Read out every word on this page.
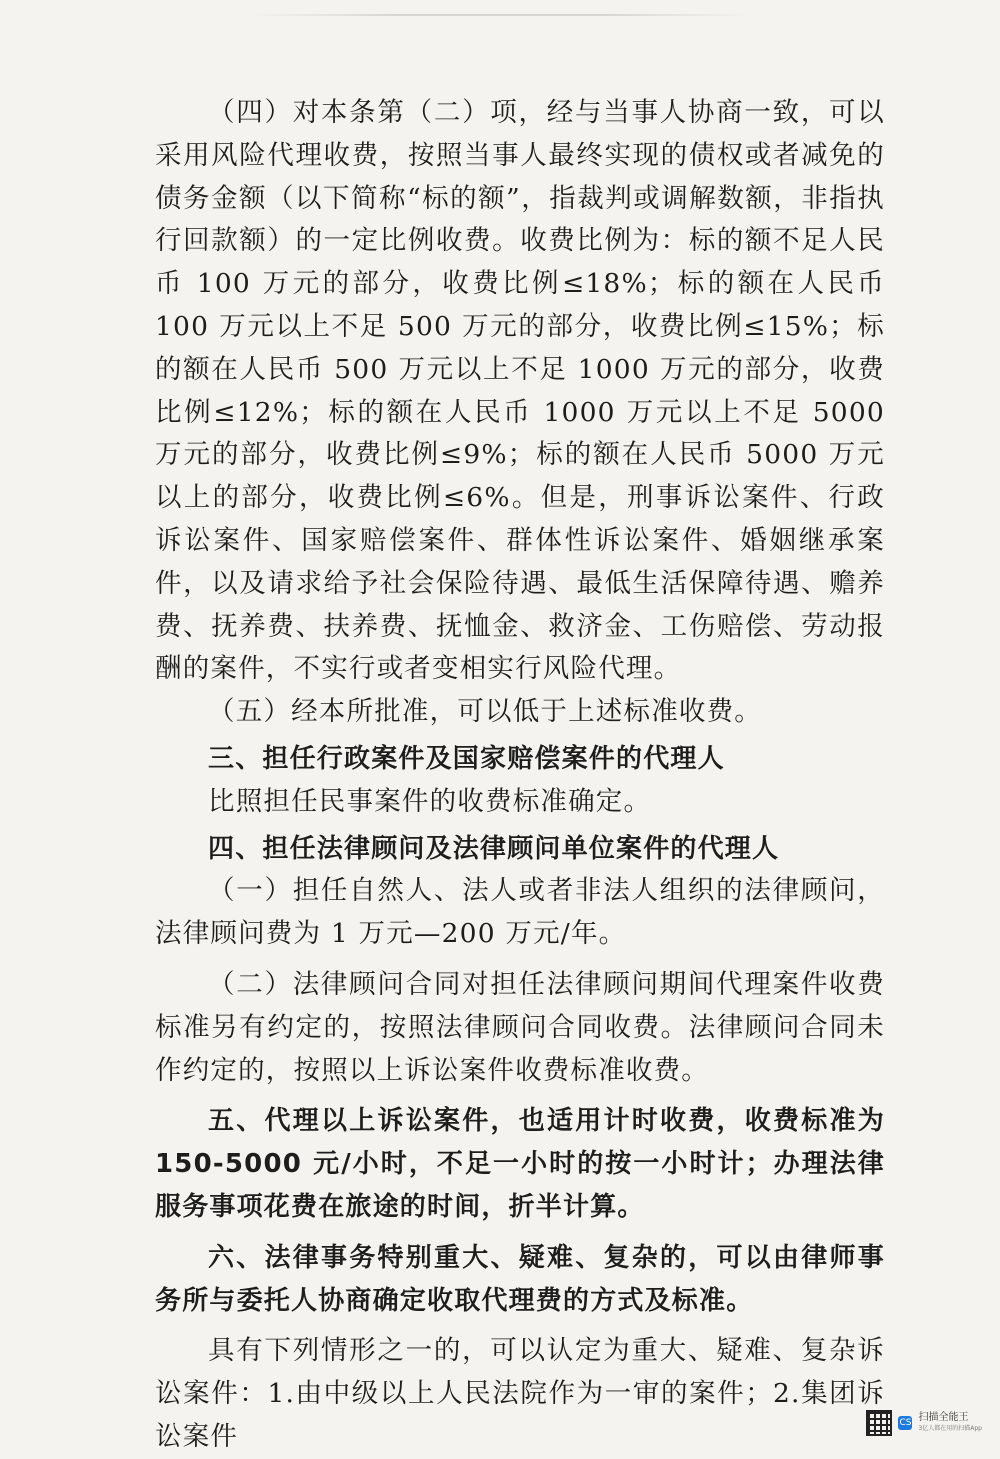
（四）对本条第（二）项，经与当事人协商一致，可以采用风险代理收费，按照当事人最终实现的债权或者减免的债务金额（以下简称“标的额”，指裁判或调解数额，非指执行回款额）的一定比例收费。收费比例为：标的额不足人民币 100 万元的部分，收费比例≤18%；标的额在人民币 100 万元以上不足 500 万元的部分，收费比例≤15%；标的额在人民币 500 万元以上不足 1000 万元的部分，收费比例≤12%；标的额在人民币 1000 万元以上不足 5000 万元的部分，收费比例≤9%；标的额在人民币 5000 万元以上的部分，收费比例≤6%。但是，刑事诉讼案件、行政诉讼案件、国家赔偿案件、群体性诉讼案件、婚姻继承案件，以及请求给予社会保险待遇、最低生活保障待遇、赡养费、抚养费、扶养费、抚恤金、救济金、工伤赔偿、劳动报酬的案件，不实行或者变相实行风险代理。

（五）经本所批准，可以低于上述标准收费。

三、担任行政案件及国家赔偿案件的代理人

比照担任民事案件的收费标准确定。

四、担任法律顾问及法律顾问单位案件的代理人

（一）担任自然人、法人或者非法人组织的法律顾问，法律顾问费为 1 万元—200 万元/年。

（二）法律顾问合同对担任法律顾问期间代理案件收费标准另有约定的，按照法律顾问合同收费。法律顾问合同未作约定的，按照以上诉讼案件收费标准收费。

五、代理以上诉讼案件，也适用计时收费，收费标准为150-5000 元/小时，不足一小时的按一小时计；办理法律服务事项花费在旅途的时间，折半计算。

六、法律事务特别重大、疑难、复杂的，可以由律师事务所与委托人协商确定收取代理费的方式及标准。

具有下列情形之一的，可以认定为重大、疑难、复杂诉讼案件：1.由中级以上人民法院作为一审的案件；2.集团诉讼案件	CS 扫描全能王
3亿人都在用的扫描App
